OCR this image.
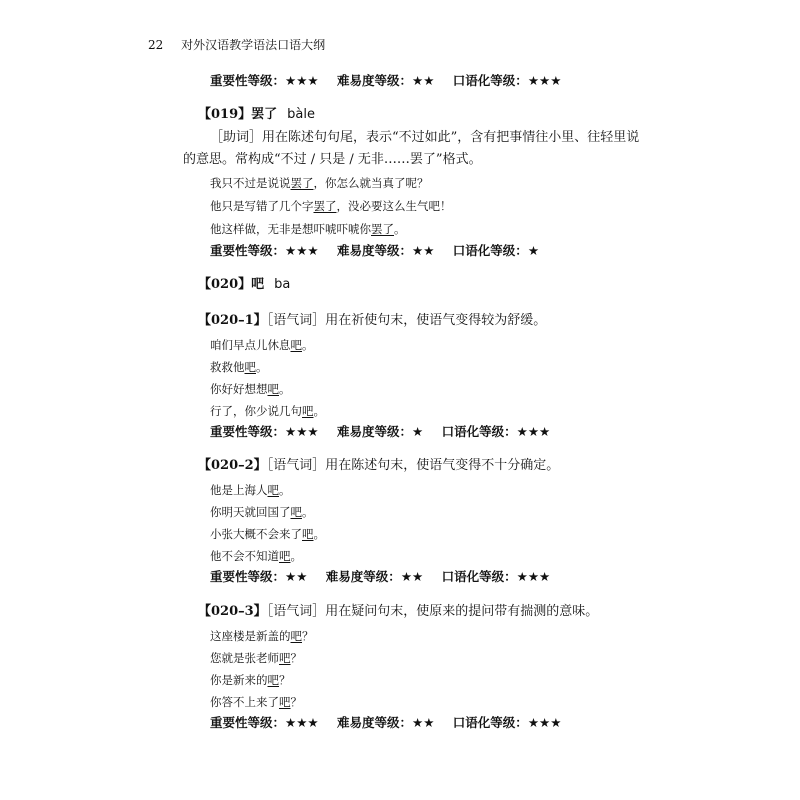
22 对外汉语教学语法口语大纲
重要性等级：★★★ 难易度等级：★★ 口语化等级：★★★
【019】罢了 bàle
［助词］用在陈述句句尾，表示“不过如此”，含有把事情往小里、往轻里说
的意思。常构成“不过 / 只是 / 无非……罢了”格式。
我只不过是说说罢了，你怎么就当真了呢？
他只是写错了几个字罢了，没必要这么生气吧！
他这样做，无非是想吓唬吓唬你罢了。
重要性等级：★★★ 难易度等级：★★ 口语化等级：★
【020】吧 ba
【020–1】［语气词］用在祈使句末，使语气变得较为舒缓。
咱们早点儿休息吧。
救救他吧。
你好好想想吧。
行了，你少说几句吧。
重要性等级：★★★ 难易度等级：★ 口语化等级：★★★
【020–2】［语气词］用在陈述句末，使语气变得不十分确定。
他是上海人吧。
你明天就回国了吧。
小张大概不会来了吧。
他不会不知道吧。
重要性等级：★★ 难易度等级：★★ 口语化等级：★★★
【020–3】［语气词］用在疑问句末，使原来的提问带有揣测的意味。
这座楼是新盖的吧？
您就是张老师吧？
你是新来的吧？
你答不上来了吧？
重要性等级：★★★ 难易度等级：★★ 口语化等级：★★★
